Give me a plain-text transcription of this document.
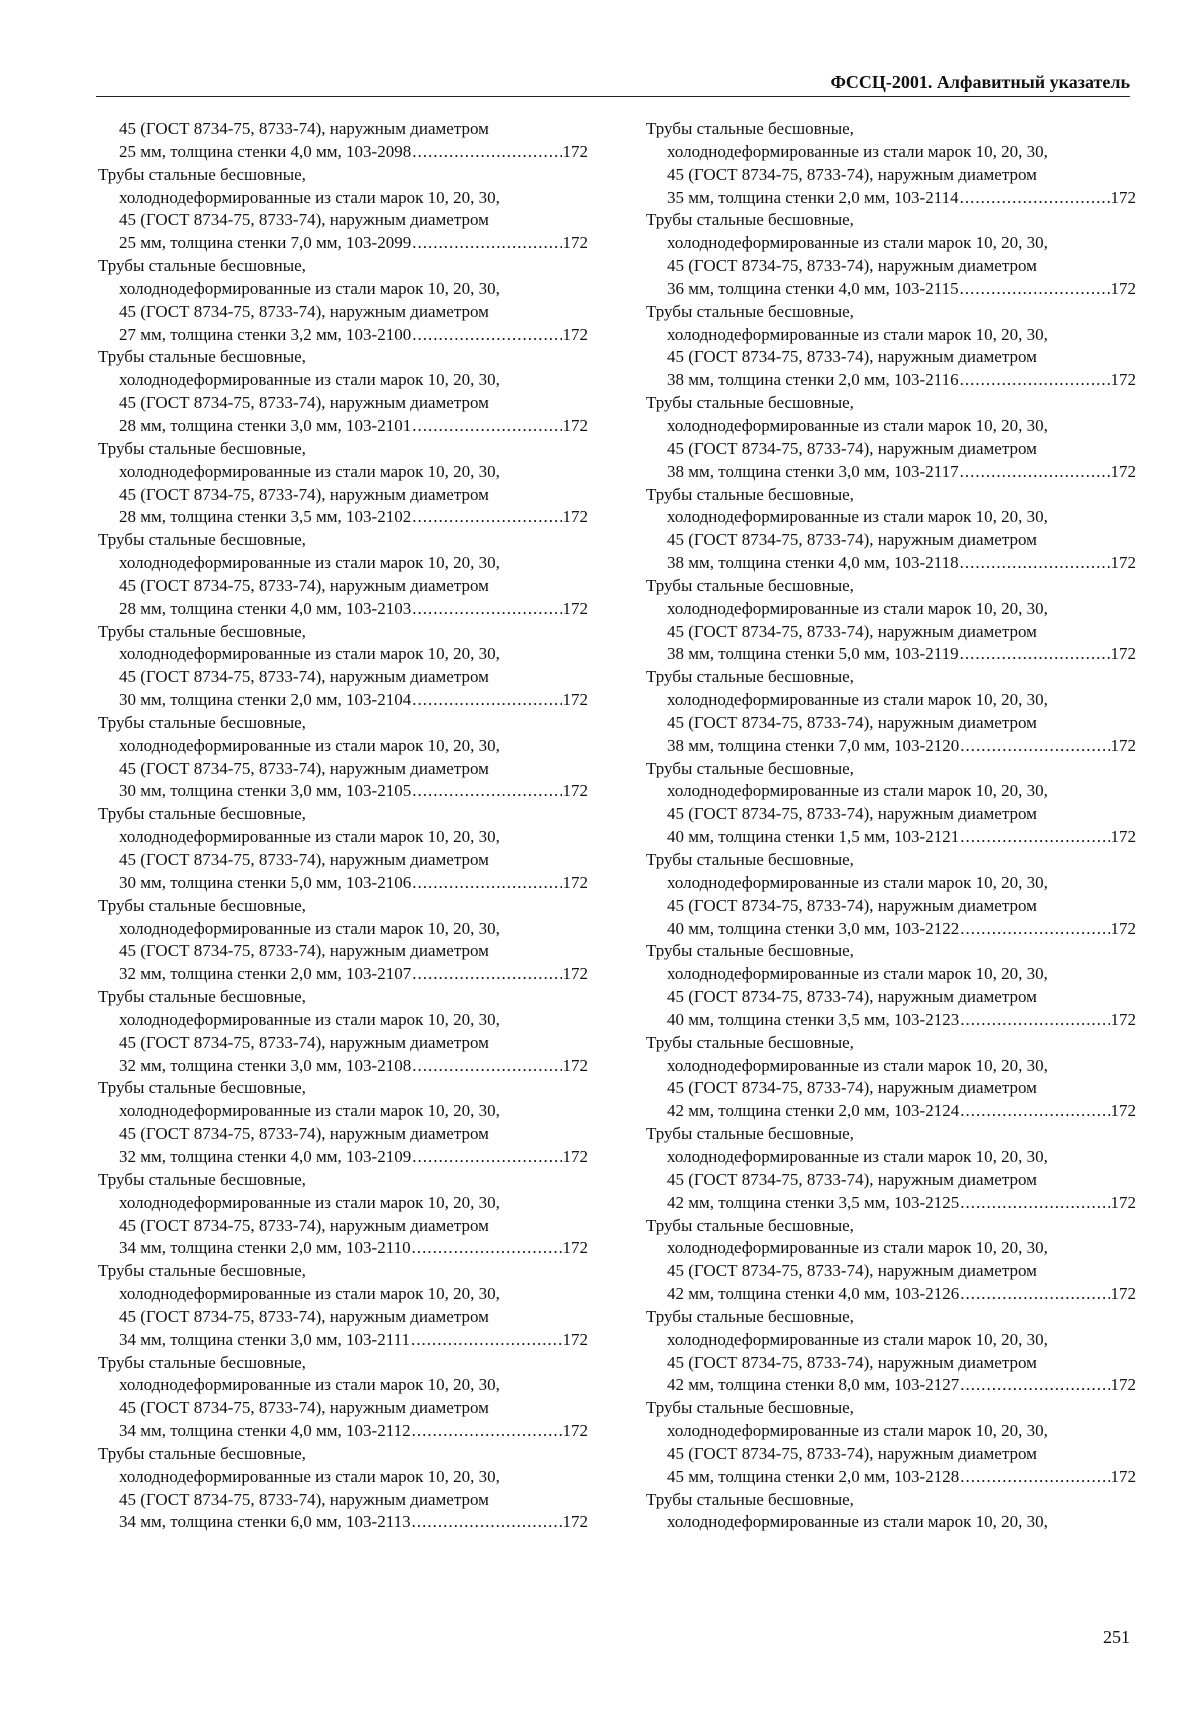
ФССЦ-2001. Алфавитный указатель
45 (ГОСТ 8734-75, 8733-74), наружным диаметром
25 мм, толщина стенки 4,0 мм, 103-2098 .....	172
Трубы стальные бесшовные,
холоднодеформированные из стали марок 10, 20, 30,
45 (ГОСТ 8734-75, 8733-74), наружным диаметром
25 мм, толщина стенки 7,0 мм, 103-2099 .....	172
Трубы стальные бесшовные,
холоднодеформированные из стали марок 10, 20, 30,
45 (ГОСТ 8734-75, 8733-74), наружным диаметром
27 мм, толщина стенки 3,2 мм, 103-2100 .....	172
Трубы стальные бесшовные,
холоднодеформированные из стали марок 10, 20, 30,
45 (ГОСТ 8734-75, 8733-74), наружным диаметром
28 мм, толщина стенки 3,0 мм, 103-2101 .....	172
Трубы стальные бесшовные,
холоднодеформированные из стали марок 10, 20, 30,
45 (ГОСТ 8734-75, 8733-74), наружным диаметром
28 мм, толщина стенки 3,5 мм, 103-2102 .....	172
Трубы стальные бесшовные,
холоднодеформированные из стали марок 10, 20, 30,
45 (ГОСТ 8734-75, 8733-74), наружным диаметром
28 мм, толщина стенки 4,0 мм, 103-2103 .....	172
Трубы стальные бесшовные,
холоднодеформированные из стали марок 10, 20, 30,
45 (ГОСТ 8734-75, 8733-74), наружным диаметром
30 мм, толщина стенки 2,0 мм, 103-2104 .....	172
Трубы стальные бесшовные,
холоднодеформированные из стали марок 10, 20, 30,
45 (ГОСТ 8734-75, 8733-74), наружным диаметром
30 мм, толщина стенки 3,0 мм, 103-2105 .....	172
Трубы стальные бесшовные,
холоднодеформированные из стали марок 10, 20, 30,
45 (ГОСТ 8734-75, 8733-74), наружным диаметром
30 мм, толщина стенки 5,0 мм, 103-2106 .....	172
Трубы стальные бесшовные,
холоднодеформированные из стали марок 10, 20, 30,
45 (ГОСТ 8734-75, 8733-74), наружным диаметром
32 мм, толщина стенки 2,0 мм, 103-2107 .....	172
Трубы стальные бесшовные,
холоднодеформированные из стали марок 10, 20, 30,
45 (ГОСТ 8734-75, 8733-74), наружным диаметром
32 мм, толщина стенки 3,0 мм, 103-2108 .....	172
Трубы стальные бесшовные,
холоднодеформированные из стали марок 10, 20, 30,
45 (ГОСТ 8734-75, 8733-74), наружным диаметром
32 мм, толщина стенки 4,0 мм, 103-2109 .....	172
Трубы стальные бесшовные,
холоднодеформированные из стали марок 10, 20, 30,
45 (ГОСТ 8734-75, 8733-74), наружным диаметром
34 мм, толщина стенки 2,0 мм, 103-2110 .....	172
Трубы стальные бесшовные,
холоднодеформированные из стали марок 10, 20, 30,
45 (ГОСТ 8734-75, 8733-74), наружным диаметром
34 мм, толщина стенки 3,0 мм, 103-2111 .....	172
Трубы стальные бесшовные,
холоднодеформированные из стали марок 10, 20, 30,
45 (ГОСТ 8734-75, 8733-74), наружным диаметром
34 мм, толщина стенки 4,0 мм, 103-2112 .....	172
Трубы стальные бесшовные,
холоднодеформированные из стали марок 10, 20, 30,
45 (ГОСТ 8734-75, 8733-74), наружным диаметром
34 мм, толщина стенки 6,0 мм, 103-2113 .....	172
Трубы стальные бесшовные,
холоднодеформированные из стали марок 10, 20, 30,
45 (ГОСТ 8734-75, 8733-74), наружным диаметром
35 мм, толщина стенки 2,0 мм, 103-2114 .....	172
Трубы стальные бесшовные,
холоднодеформированные из стали марок 10, 20, 30,
45 (ГОСТ 8734-75, 8733-74), наружным диаметром
36 мм, толщина стенки 4,0 мм, 103-2115 .....	172
Трубы стальные бесшовные,
холоднодеформированные из стали марок 10, 20, 30,
45 (ГОСТ 8734-75, 8733-74), наружным диаметром
38 мм, толщина стенки 2,0 мм, 103-2116 .....	172
Трубы стальные бесшовные,
холоднодеформированные из стали марок 10, 20, 30,
45 (ГОСТ 8734-75, 8733-74), наружным диаметром
38 мм, толщина стенки 3,0 мм, 103-2117 .....	172
Трубы стальные бесшовные,
холоднодеформированные из стали марок 10, 20, 30,
45 (ГОСТ 8734-75, 8733-74), наружным диаметром
38 мм, толщина стенки 4,0 мм, 103-2118 .....	172
Трубы стальные бесшовные,
холоднодеформированные из стали марок 10, 20, 30,
45 (ГОСТ 8734-75, 8733-74), наружным диаметром
38 мм, толщина стенки 5,0 мм, 103-2119 .....	172
Трубы стальные бесшовные,
холоднодеформированные из стали марок 10, 20, 30,
45 (ГОСТ 8734-75, 8733-74), наружным диаметром
38 мм, толщина стенки 7,0 мм, 103-2120 .....	172
Трубы стальные бесшовные,
холоднодеформированные из стали марок 10, 20, 30,
45 (ГОСТ 8734-75, 8733-74), наружным диаметром
40 мм, толщина стенки 1,5 мм, 103-2121 .....	172
Трубы стальные бесшовные,
холоднодеформированные из стали марок 10, 20, 30,
45 (ГОСТ 8734-75, 8733-74), наружным диаметром
40 мм, толщина стенки 3,0 мм, 103-2122 .....	172
Трубы стальные бесшовные,
холоднодеформированные из стали марок 10, 20, 30,
45 (ГОСТ 8734-75, 8733-74), наружным диаметром
40 мм, толщина стенки 3,5 мм, 103-2123 .....	172
Трубы стальные бесшовные,
холоднодеформированные из стали марок 10, 20, 30,
45 (ГОСТ 8734-75, 8733-74), наружным диаметром
42 мм, толщина стенки 2,0 мм, 103-2124 .....	172
Трубы стальные бесшовные,
холоднодеформированные из стали марок 10, 20, 30,
45 (ГОСТ 8734-75, 8733-74), наружным диаметром
42 мм, толщина стенки 3,5 мм, 103-2125 .....	172
Трубы стальные бесшовные,
холоднодеформированные из стали марок 10, 20, 30,
45 (ГОСТ 8734-75, 8733-74), наружным диаметром
42 мм, толщина стенки 4,0 мм, 103-2126 .....	172
Трубы стальные бесшовные,
холоднодеформированные из стали марок 10, 20, 30,
45 (ГОСТ 8734-75, 8733-74), наружным диаметром
42 мм, толщина стенки 8,0 мм, 103-2127 .....	172
Трубы стальные бесшовные,
холоднодеформированные из стали марок 10, 20, 30,
45 (ГОСТ 8734-75, 8733-74), наружным диаметром
45 мм, толщина стенки 2,0 мм, 103-2128 .....	172
Трубы стальные бесшовные,
холоднодеформированные из стали марок 10, 20, 30,
251
